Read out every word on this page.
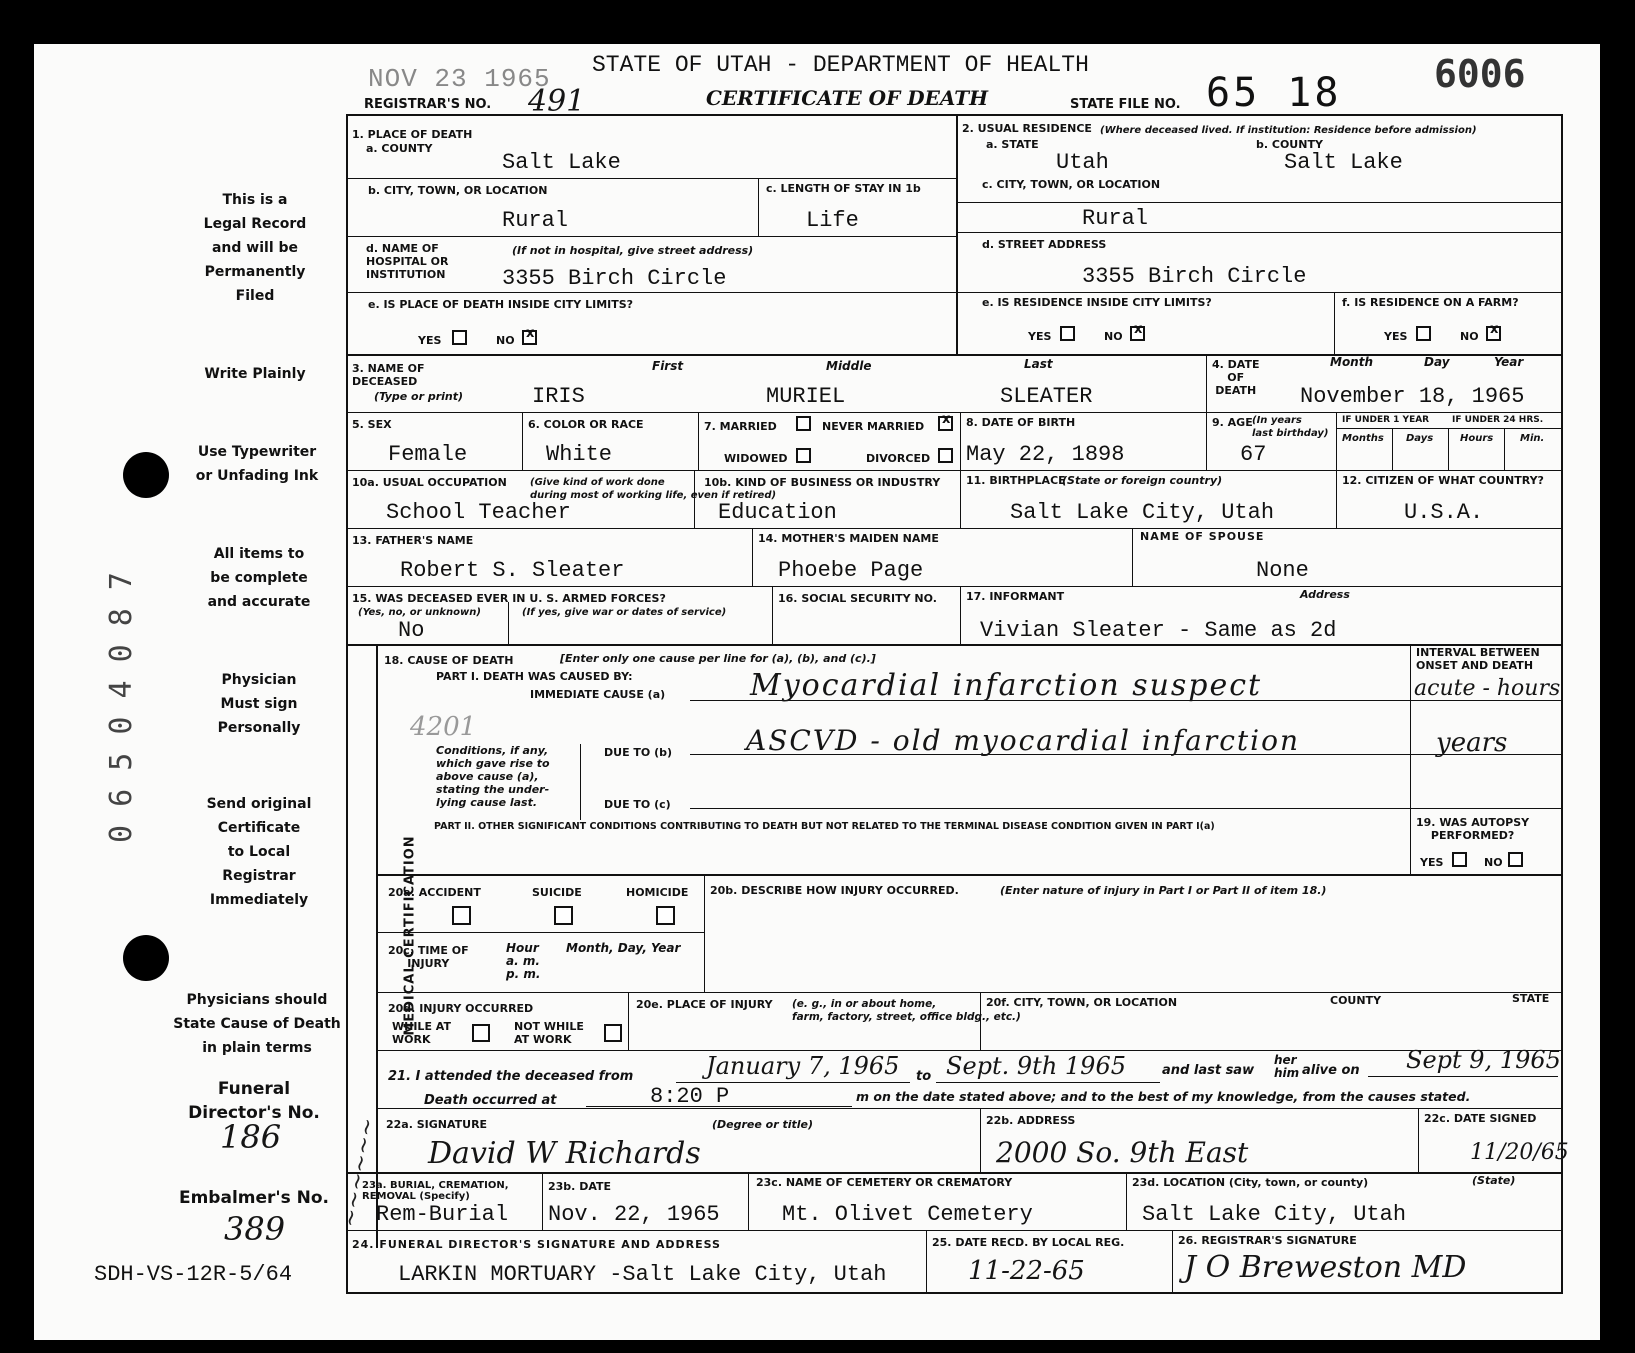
NOV 23 1965 STATE OF UTAH - DEPARTMENT OF HEALTH
CERTIFICATE OF DEATH
REGISTRAR'S NO. 491	STATE FILE NO. 65 18 6006
This is a
Legal Record
and will be
Permanently
Filed
Write Plainly
Use Typewriter
or Unfading Ink
All items to
be complete
and accurate
Physician
Must sign
Personally
Send original
Certificate
to Local
Registrar
Immediately
Physicians should
State Cause of Death
in plain terms
Funeral
Director's No.
186
Embalmer's No.
389
SDH-VS-12R-5/64
0 6 5 0 4 0 8 7
MEDICAL CERTIFICATION
4201
~~~~~~
1. PLACE OF DEATH
a. COUNTY
Salt Lake
b. CITY, TOWN, OR LOCATION
Rural
c. LENGTH OF STAY IN 1b
Life
d. NAME OF
HOSPITAL OR
INSTITUTION
(If not in hospital, give street address)
3355 Birch Circle
e. IS PLACE OF DEATH INSIDE CITY LIMITS?
YES	NO x
2. USUAL RESIDENCE (Where deceased lived. If institution: Residence before admission)
a. STATE	b. COUNTY
Utah	Salt Lake
c. CITY, TOWN, OR LOCATION
Rural
d. STREET ADDRESS
3355 Birch Circle
e. IS RESIDENCE INSIDE CITY LIMITS?
YES	NO x
f. IS RESIDENCE ON A FARM?
YES	NO x
3. NAME OF
DECEASED
(Type or print)
First	Middle	Last
IRIS	MURIEL	SLEATER
4. DATE
OF
DEATH
Month	Day	Year
November 18, 1965
5. SEX
Female
6. COLOR OR RACE
White
7. MARRIED	NEVER MARRIED x
WIDOWED	DIVORCED
8. DATE OF BIRTH
May 22, 1898
9. AGE (In years
last birthday)
67
IF UNDER 1 YEAR	IF UNDER 24 HRS.
Months Days	Hours	Min.
10a. USUAL OCCUPATION (Give kind of work done
during most of working life, even if retired)
School Teacher
10b. KIND OF BUSINESS OR INDUSTRY
Education
11. BIRTHPLACE
(State or foreign country)
Salt Lake City, Utah
12. CITIZEN OF WHAT COUNTRY?
U.S.A.
13. FATHER'S NAME
Robert S. Sleater
14. MOTHER'S MAIDEN NAME
Phoebe Page
NAME OF SPOUSE
None
15. WAS DECEASED EVER IN U. S. ARMED FORCES?
(Yes, no, or unknown)	(If yes, give war or dates of service)
No
16. SOCIAL SECURITY NO.	17. INFORMANT	Address
Vivian Sleater - Same as 2d
18. CAUSE OF DEATH	[Enter only one cause per line for (a), (b), and (c).]
PART I. DEATH WAS CAUSED BY:
IMMEDIATE CAUSE (a)	Myocardial infarction suspect
INTERVAL BETWEEN
ONSET AND DEATH
acute - hours
Conditions, if any,
which gave rise to
above cause (a),
stating the under-
lying cause last.
DUE TO (b)	ASCVD - old myocardial infarction	years
DUE TO (c)
PART II. OTHER SIGNIFICANT CONDITIONS CONTRIBUTING TO DEATH BUT NOT RELATED TO THE TERMINAL DISEASE CONDITION GIVEN IN PART I(a)	19. WAS AUTOPSY
PERFORMED?
YES	NO
20a. ACCIDENT	SUICIDE	HOMICIDE 20b. DESCRIBE HOW INJURY OCCURRED.	(Enter nature of injury in Part I or Part II of item 18.)
20c. TIME OF
INJURY
Hour
a. m.
p. m.
Month, Day, Year
20d. INJURY OCCURRED
WHILE AT
WORK
NOT WHILE
AT WORK
20e. PLACE OF INJURY (e. g., in or about home,
farm, factory, street, office bldg., etc.)
20f. CITY, TOWN, OR LOCATION	COUNTY	STATE
21. I attended the deceased from	January 7, 1965 to Sept. 9th 1965	and last saw
her
him alive on Sept 9, 1965
Death occurred at	8:20 P	m on the date stated above; and to the best of my knowledge, from the causes stated.
22a. SIGNATURE	(Degree or title)
David W Richards
22b. ADDRESS
2000 So. 9th East
22c. DATE SIGNED
11/20/65
23a. BURIAL, CREMATION,
REMOVAL (Specify)
Rem-Burial
23b. DATE
Nov. 22, 1965
23c. NAME OF CEMETERY OR CREMATORY
Mt. Olivet Cemetery
23d. LOCATION (City, town, or county)	(State)
Salt Lake City, Utah
24. FUNERAL DIRECTOR'S SIGNATURE AND ADDRESS
LARKIN MORTUARY -Salt Lake City, Utah
25. DATE RECD. BY LOCAL REG.
11-22-65
26. REGISTRAR'S SIGNATURE
J O Breweston MD
